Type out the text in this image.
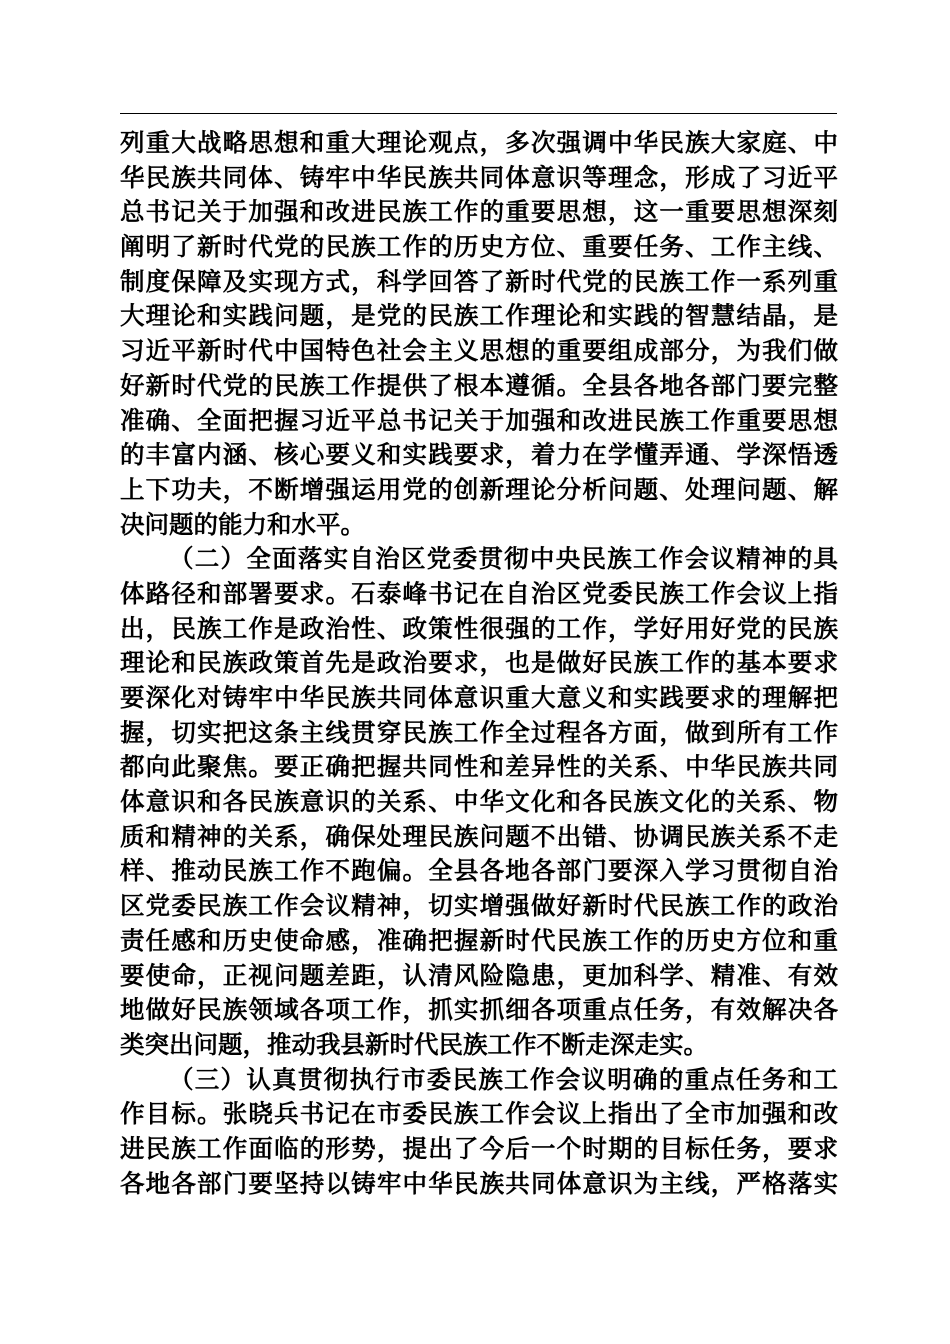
列重大战略思想和重大理论观点，多次强调中华民族大家庭、中
华民族共同体、铸牢中华民族共同体意识等理念，形成了习近平
总书记关于加强和改进民族工作的重要思想，这一重要思想深刻
阐明了新时代党的民族工作的历史方位、重要任务、工作主线、
制度保障及实现方式，科学回答了新时代党的民族工作一系列重
大理论和实践问题，是党的民族工作理论和实践的智慧结晶，是
习近平新时代中国特色社会主义思想的重要组成部分，为我们做
好新时代党的民族工作提供了根本遵循。全县各地各部门要完整
准确、全面把握习近平总书记关于加强和改进民族工作重要思想
的丰富内涵、核心要义和实践要求，着力在学懂弄通、学深悟透
上下功夫，不断增强运用党的创新理论分析问题、处理问题、解
决问题的能力和水平。
（二）全面落实自治区党委贯彻中央民族工作会议精神的具
体路径和部署要求。石泰峰书记在自治区党委民族工作会议上指
出，民族工作是政治性、政策性很强的工作，学好用好党的民族
理论和民族政策首先是政治要求，也是做好民族工作的基本要求
要深化对铸牢中华民族共同体意识重大意义和实践要求的理解把
握，切实把这条主线贯穿民族工作全过程各方面，做到所有工作
都向此聚焦。要正确把握共同性和差异性的关系、中华民族共同
体意识和各民族意识的关系、中华文化和各民族文化的关系、物
质和精神的关系，确保处理民族问题不出错、协调民族关系不走
样、推动民族工作不跑偏。全县各地各部门要深入学习贯彻自治
区党委民族工作会议精神，切实增强做好新时代民族工作的政治
责任感和历史使命感，准确把握新时代民族工作的历史方位和重
要使命，正视问题差距，认清风险隐患，更加科学、精准、有效
地做好民族领域各项工作，抓实抓细各项重点任务，有效解决各
类突出问题，推动我县新时代民族工作不断走深走实。
（三）认真贯彻执行市委民族工作会议明确的重点任务和工
作目标。张晓兵书记在市委民族工作会议上指出了全市加强和改
进民族工作面临的形势，提出了今后一个时期的目标任务，要求
各地各部门要坚持以铸牢中华民族共同体意识为主线，严格落实
